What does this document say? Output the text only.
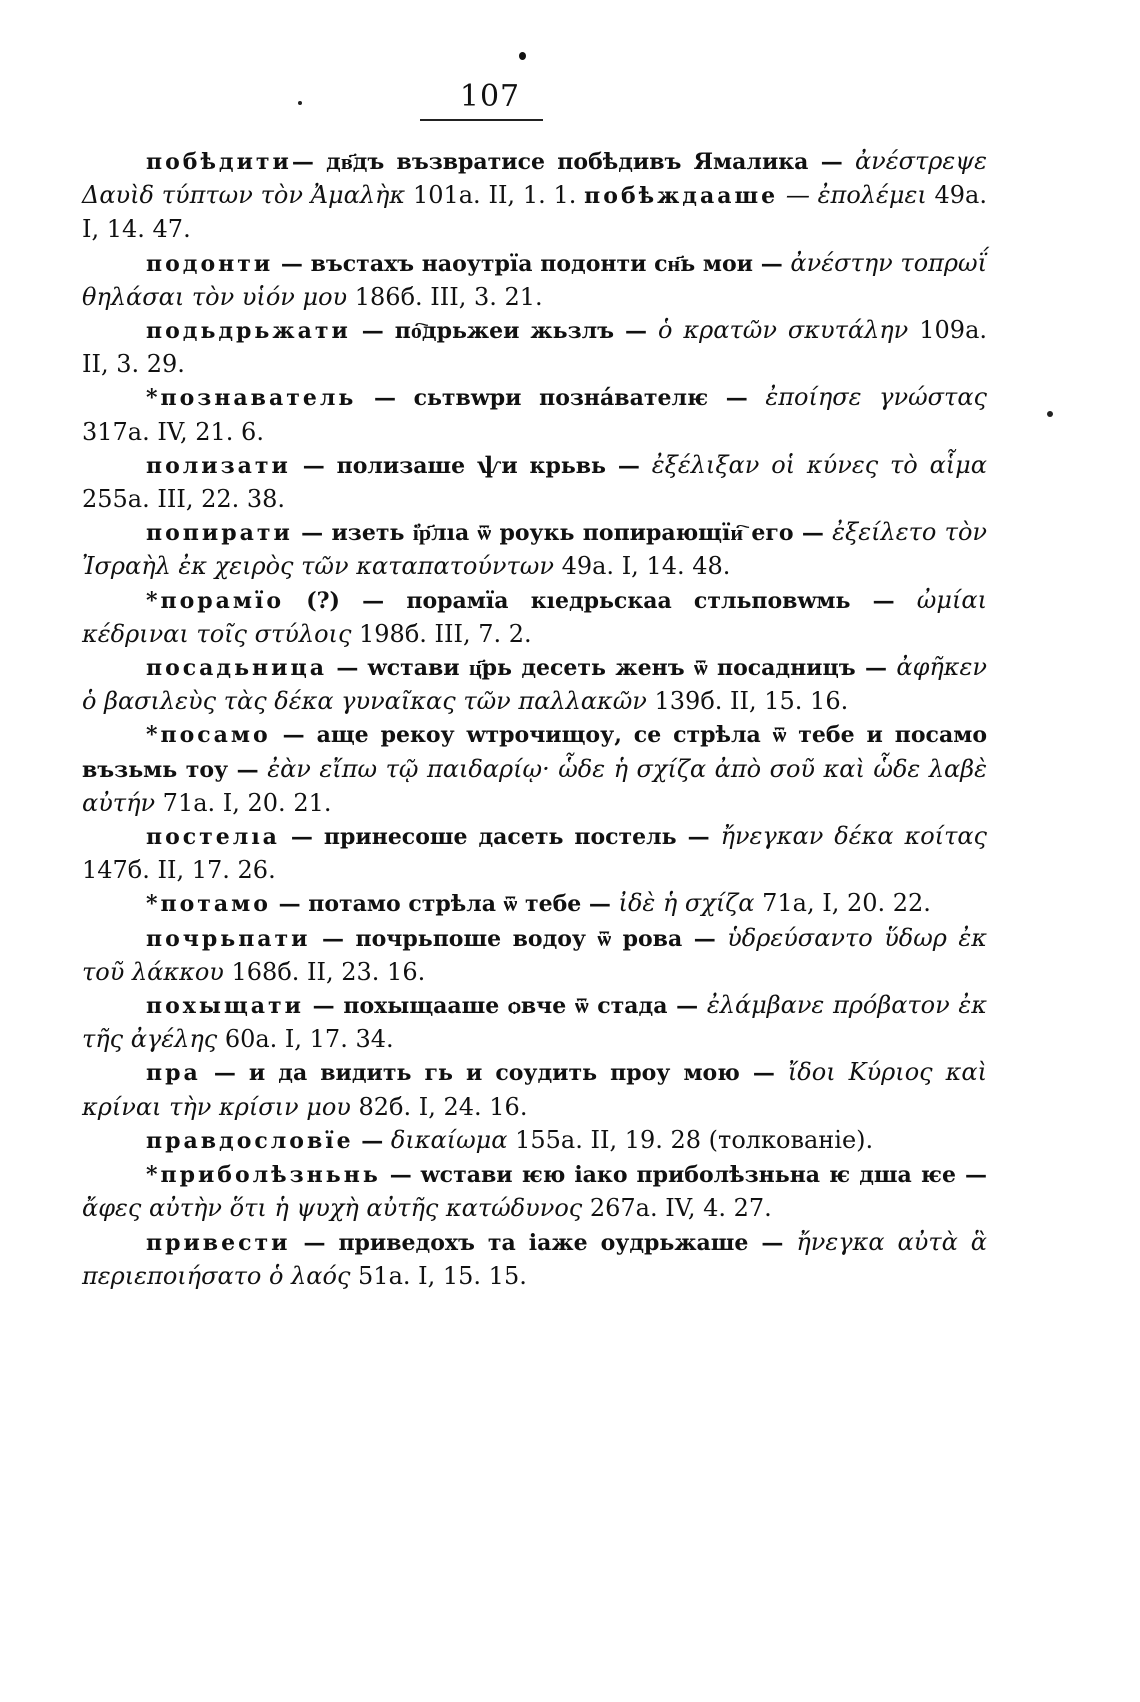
107
побѣдити— дв҃дъ възвратисе побѣдивъ Ямалика — ἀνέστρεψε Δαυὶδ τύπτων τὸν Ἀμαλὴκ 101а. II, 1. 1. побѣждааше — ἐπολέμει 49а. I, 14. 47.
подонти — въстахъ наоутрїа подонти сн҃ь мои — ἀνέστην τοπρωΐ θηλάσαι τὸν υἱόν μου 186б. III, 3. 21.
подьдрьжати — по҇дрьжеи жьзлъ — ὁ κρατῶν σκυτάλην 109а. II, 3. 29.
*познаватель — сьтвwри позна́вателѥ — ἐποίησε γνώστας 317а. IV, 21. 6.
полизати — полизаше ѱи крьвь — ἐξέλιξαν οἱ κύνες τὸ αἷμα 255а. III, 22. 38.
попирати — изеть і҆р҃лıа ѿ роукь попирающїи҇ его — ἐξείλετο τὸν Ἰσραὴλ ἐκ χειρὸς τῶν καταπατούντων 49а. I, 14. 48.
*порамїо (?) — порамїа кıедрьскаа стльповwмь — ὠμίαι κέδριναι τοῖς στύλοις 198б. III, 7. 2.
посадьница — wстави ц҃рь десеть женъ ѿ посадницъ — ἀφῆκεν ὁ βασιλεὺς τὰς δέκα γυναῖκας τῶν παλλακῶν 139б. II, 15. 16.
*посамо — аще рекоу wтрочищоу, се стрѣла ѿ тебе и посамо възьмь тоу — ἐὰν εἴπω τῷ παιδαρίῳ· ὧδε ἡ σχίζα ἀπὸ σοῦ καὶ ὧδε λαβὲ αὐτήν 71а. I, 20. 21.
постелıа — принесоше дасеть постель — ἤνεγκαν δέκα κοίτας 147б. II, 17. 26.
*потамо — потамо стрѣла ѿ тебе — ἰδὲ ἡ σχίζα 71а, I, 20. 22.
почрьпати — почрьпоше водоу ѿ рова — ὑδρεύσαντο ὕδωρ ἐκ τοῦ λάκκου 168б. II, 23. 16.
похыщати — похыщааше ѻвче ѿ стада — ἐλάμβανε πρόβατον ἐκ τῆς ἀγέλης 60а. I, 17. 34.
пра — и да видить гь и соудить проу мою — ἴδοι Κύριος καὶ κρίναι τὴν κρίσιν μου 82б. I, 24. 16.
правдословїе — δικαίωμα 155а. II, 19. 28 (толкованiе).
*приболѣзньнь — wстави ѥю іако приболѣзньна ѥ дша ѥе — ἄφες αὐτὴν ὅτι ἡ ψυχὴ αὐτῆς κατώδυνος 267а. IV, 4. 27.
привести — приведохъ та іаже оудрьжаше — ἤνεγκα αὐτὰ ἃ περιεποιήσατο ὁ λαός 51а. I, 15. 15.
